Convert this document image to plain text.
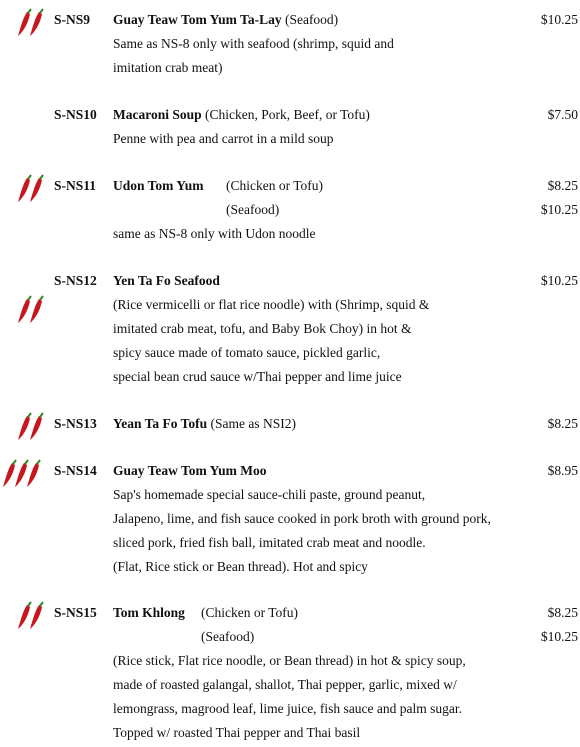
S-NS9 Guay Teaw Tom Yum Ta-Lay (Seafood)	$10.25
Same as NS-8 only with seafood (shrimp, squid and
imitation crab meat)
S-NS10 Macaroni Soup (Chicken, Pork, Beef, or Tofu)	$7.50
Penne with pea and carrot in a mild soup
S-NS11 Udon Tom Yum (Chicken or Tofu)	$8.25
(Seafood)	$10.25
same as NS-8 only with Udon noodle
S-NS12 Yen Ta Fo Seafood	$10.25
(Rice vermicelli or flat rice noodle) with (Shrimp, squid &
imitated crab meat, tofu, and Baby Bok Choy) in hot &
spicy sauce made of tomato sauce, pickled garlic,
special bean crud sauce w/Thai pepper and lime juice
S-NS13 Yean Ta Fo Tofu (Same as NSI2)	$8.25
S-NS14 Guay Teaw Tom Yum Moo	$8.95
Sap's homemade special sauce-chili paste, ground peanut,
Jalapeno, lime, and fish sauce cooked in pork broth with ground pork,
sliced pork, fried fish ball, imitated crab meat and noodle.
(Flat, Rice stick or Bean thread). Hot and spicy
S-NS15 Tom Khlong (Chicken or Tofu)	$8.25
(Seafood)	$10.25
(Rice stick, Flat rice noodle, or Bean thread) in hot & spicy soup,
made of roasted galangal, shallot, Thai pepper, garlic, mixed w/
lemongrass, magrood leaf, lime juice, fish sauce and palm sugar.
Topped w/ roasted Thai pepper and Thai basil
